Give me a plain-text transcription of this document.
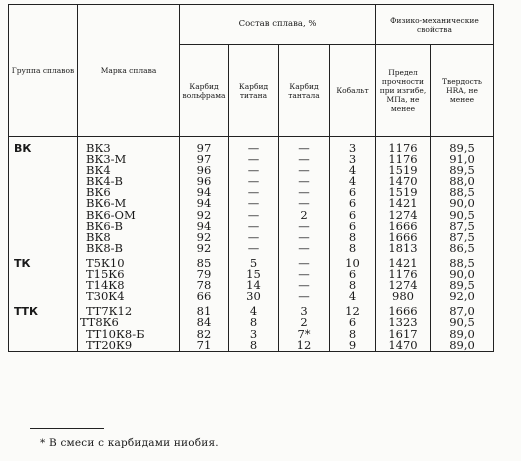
Группа сплавов	Марка сплава	Состав сплава, %				Физико-механические свойства	
		Карбид вольфрама	Карбид титана	Карбид тантала	Кобальт	Предел прочности при изгибе, МПа, не менее	Твердость HRA, не менее
ВК	ВК3	97	—	—	3	1176	89,5
	ВК3-М	97	—	—	3	1176	91,0
	ВК4	96	—	—	4	1519	89,5
	ВК4-В	96	—	—	4	1470	88,0
	ВК6	94	—	—	6	1519	88,5
	ВК6-М	94	—	—	6	1421	90,0
	ВК6-ОМ	92	—	2	6	1274	90,5
	ВК6-В	94	—	—	6	1666	87,5
	ВК8	92	—	—	8	1666	87,5
	ВК8-В	92	—	—	8	1813	86,5
ТК	Т5К10	85	5	—	10	1421	88,5
	Т15К6	79	15	—	6	1176	90,0
	Т14К8	78	14	—	8	1274	89,5
	Т30К4	66	30	—	4	980	92,0
ТТК	ТТ7К12	81	4	3	12	1666	87,0
	ТТ8К6	84	8	2	6	1323	90,5
	ТТ10К8-Б	82	3	7*	8	1617	89,0
	ТТ20К9	71	8	12	9	1470	89,0
* В смеси с карбидами ниобия.
